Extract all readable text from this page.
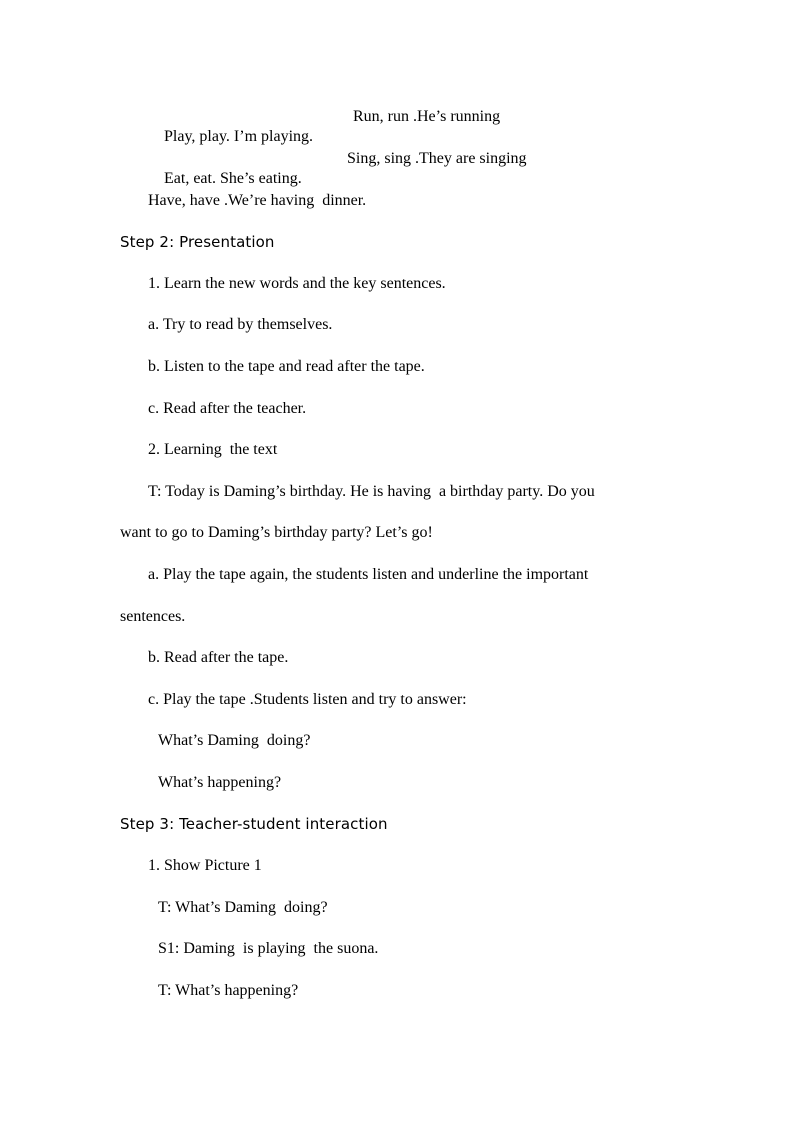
Play, play. I’m playing.

Run, run .He’s running

Eat, eat. She’s eating.

Sing, sing .They are singing

Have, have .We’re having  dinner.
Step 2: Presentation
1. Learn the new words and the key sentences.
a. Try to read by themselves.
b. Listen to the tape and read after the tape.
c. Read after the teacher.
2. Learning  the text
T: Today is Daming’s birthday. He is having  a birthday party. Do you
want to go to Daming’s birthday party? Let’s go!
a. Play the tape again, the students listen and underline the important
sentences.
b. Read after the tape.
c. Play the tape .Students listen and try to answer:
What’s Daming  doing?
What’s happening?
Step 3: Teacher-student interaction
1. Show Picture 1
T: What’s Daming  doing?
S1: Daming  is playing  the suona.
T: What’s happening?
